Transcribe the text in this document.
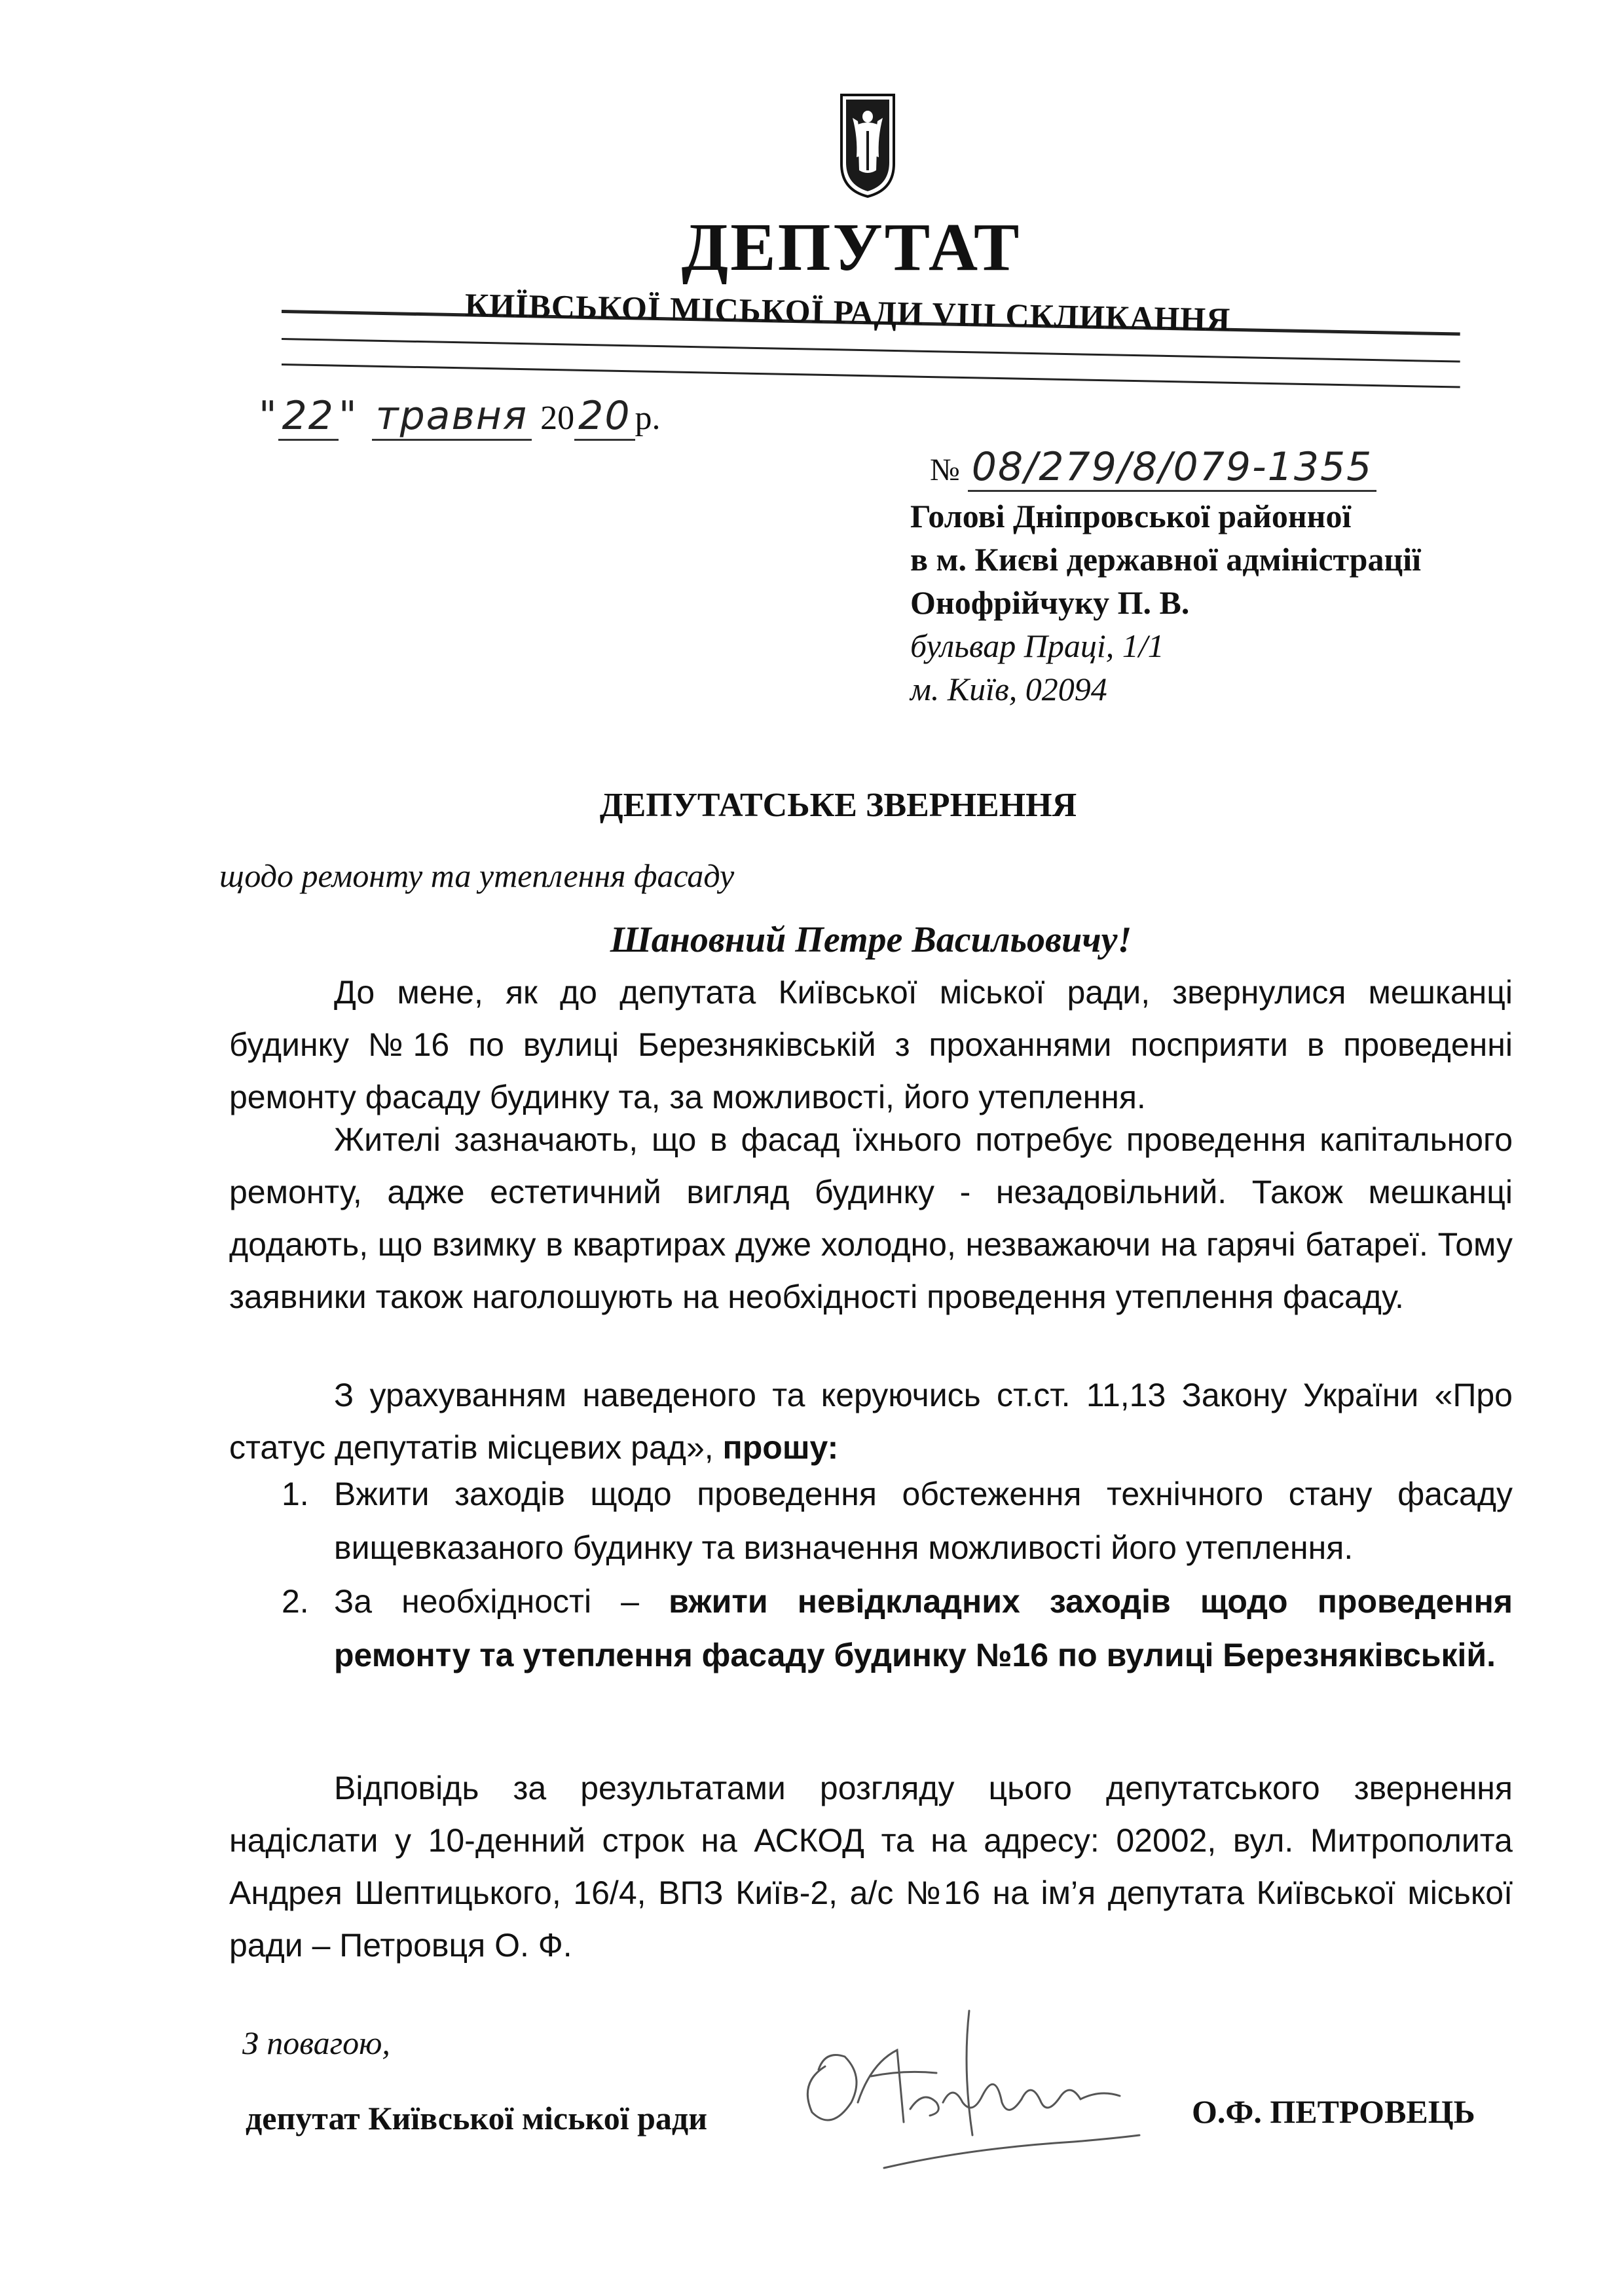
ДЕПУТАТ
КИЇВСЬКОЇ МІСЬКОЇ РАДИ VIII СКЛИКАННЯ
" 22 " травня 20 20 р.
№ 08/279/8/079-1355
Голові Дніпровської районної
в м. Києві державної адміністрації
Онофрійчуку П. В.
бульвар Праці, 1/1
м. Київ, 02094
ДЕПУТАТСЬКЕ ЗВЕРНЕННЯ
щодо ремонту та утеплення фасаду
Шановний Петре Васильовичу!

До мене, як до депутата Київської міської ради, звернулися мешканці будинку №16 по вулиці Березняківській з проханнями посприяти в проведенні ремонту фасаду будинку та, за можливості, його утеплення.

Жителі зазначають, що в фасад їхнього потребує проведення капітального ремонту, адже естетичний вигляд будинку - незадовільний. Також мешканці додають, що взимку в квартирах дуже холодно, незважаючи на гарячі батареї. Тому заявники також наголошують на необхідності проведення утеплення фасаду.

З урахуванням наведеного та керуючись ст.ст. 11,13 Закону України «Про статус депутатів місцевих рад», прошу:

1. Вжити заходів щодо проведення обстеження технічного стану фасаду вищевказаного будинку та визначення можливості його утеплення.
2. За необхідності – вжити невідкладних заходів щодо проведення ремонту та утеплення фасаду будинку №16 по вулиці Березняківській.

Відповідь за результатами розгляду цього депутатського звернення надіслати у 10-денний строк на АСКОД та на адресу: 02002, вул. Митрополита Андрея Шептицького, 16/4, ВПЗ Київ-2, а/с №16 на ім’я депутата Київської міської ради – Петровця О. Ф.

З повагою,
депутат Київської міської ради	О.Ф. ПЕТРОВЕЦЬ
